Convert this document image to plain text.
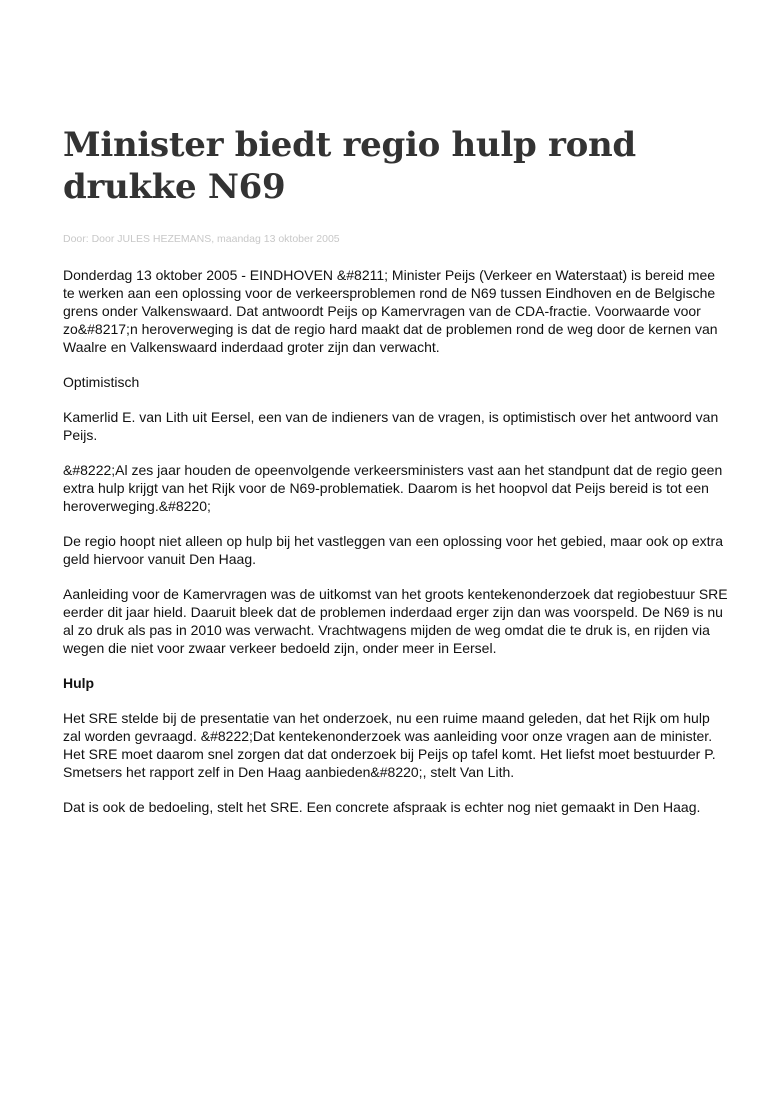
Minister biedt regio hulp rond drukke N69
Door: Door JULES HEZEMANS, maandag 13 oktober 2005

Donderdag 13 oktober 2005 - EINDHOVEN &#8211; Minister Peijs (Verkeer en Waterstaat) is bereid mee te werken aan een oplossing voor de verkeersproblemen rond de N69 tussen Eindhoven en de Belgische grens onder Valkenswaard. Dat antwoordt Peijs op Kamervragen van de CDA-fractie. Voorwaarde voor zo&#8217;n heroverweging is dat de regio hard maakt dat de problemen rond de weg door de kernen van Waalre en Valkenswaard inderdaad groter zijn dan verwacht.

Optimistisch

Kamerlid E. van Lith uit Eersel, een van de indieners van de vragen, is optimistisch over het antwoord van Peijs.

&#8222;Al zes jaar houden de opeenvolgende verkeersministers vast aan het standpunt dat de regio geen extra hulp krijgt van het Rijk voor de N69-problematiek. Daarom is het hoopvol dat Peijs bereid is tot een heroverweging.&#8220;

De regio hoopt niet alleen op hulp bij het vastleggen van een oplossing voor het gebied, maar ook op extra geld hiervoor vanuit Den Haag.

Aanleiding voor de Kamervragen was de uitkomst van het groots kentekenonderzoek dat regiobestuur SRE eerder dit jaar hield. Daaruit bleek dat de problemen inderdaad erger zijn dan was voorspeld. De N69 is nu al zo druk als pas in 2010 was verwacht. Vrachtwagens mijden de weg omdat die te druk is, en rijden via wegen die niet voor zwaar verkeer bedoeld zijn, onder meer in Eersel.

Hulp

Het SRE stelde bij de presentatie van het onderzoek, nu een ruime maand geleden, dat het Rijk om hulp zal worden gevraagd. &#8222;Dat kentekenonderzoek was aanleiding voor onze vragen aan de minister. Het SRE moet daarom snel zorgen dat dat onderzoek bij Peijs op tafel komt. Het liefst moet bestuurder P. Smetsers het rapport zelf in Den Haag aanbieden&#8220;, stelt Van Lith.

Dat is ook de bedoeling, stelt het SRE. Een concrete afspraak is echter nog niet gemaakt in Den Haag.
